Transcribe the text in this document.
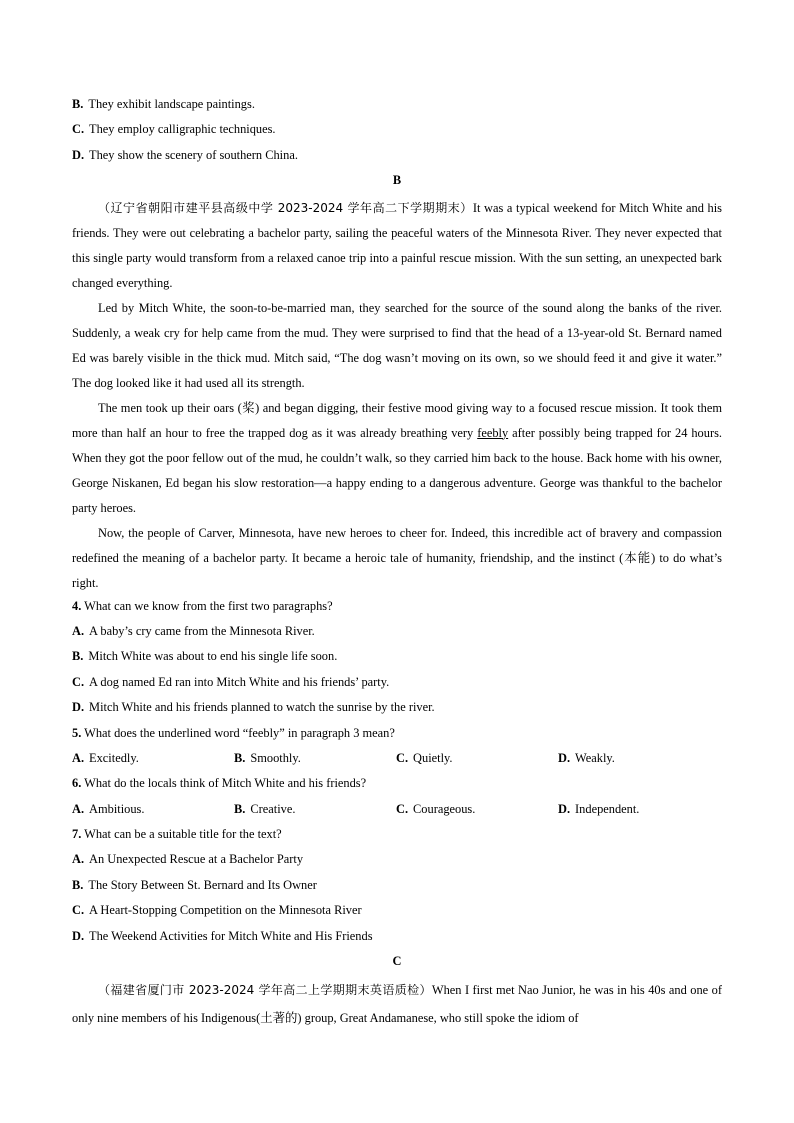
B. They exhibit landscape paintings.
C. They employ calligraphic techniques.
D. They show the scenery of southern China.
B

（辽宁省朝阳市建平县高级中学 2023-2024 学年高二下学期期末）It was a typical weekend for Mitch White and his friends. They were out celebrating a bachelor party, sailing the peaceful waters of the Minnesota River. They never expected that this single party would transform from a relaxed canoe trip into a painful rescue mission. With the sun setting, an unexpected bark changed everything.

Led by Mitch White, the soon-to-be-married man, they searched for the source of the sound along the banks of the river. Suddenly, a weak cry for help came from the mud. They were surprised to find that the head of a 13-year-old St. Bernard named Ed was barely visible in the thick mud. Mitch said, “The dog wasn’t moving on its own, so we should feed it and give it water.” The dog looked like it had used all its strength.

The men took up their oars (桨) and began digging, their festive mood giving way to a focused rescue mission. It took them more than half an hour to free the trapped dog as it was already breathing very feebly after possibly being trapped for 24 hours. When they got the poor fellow out of the mud, he couldn’t walk, so they carried him back to the house. Back home with his owner, George Niskanen, Ed began his slow restoration—a happy ending to a dangerous adventure. George was thankful to the bachelor party heroes.

Now, the people of Carver, Minnesota, have new heroes to cheer for. Indeed, this incredible act of bravery and compassion redefined the meaning of a bachelor party. It became a heroic tale of humanity, friendship, and the instinct (本能) to do what’s right.

4. What can we know from the first two paragraphs?
A. A baby’s cry came from the Minnesota River.
B. Mitch White was about to end his single life soon.
C. A dog named Ed ran into Mitch White and his friends’ party.
D. Mitch White and his friends planned to watch the sunrise by the river.
5. What does the underlined word “feebly” in paragraph 3 mean?
A. Excitedly.	B. Smoothly.	C. Quietly.	D. Weakly.
6. What do the locals think of Mitch White and his friends?
A. Ambitious.	B. Creative.	C. Courageous.	D. Independent.
7. What can be a suitable title for the text?
A. An Unexpected Rescue at a Bachelor Party
B. The Story Between St. Bernard and Its Owner
C. A Heart-Stopping Competition on the Minnesota River
D. The Weekend Activities for Mitch White and His Friends
C

（福建省厦门市 2023-2024 学年高二上学期期末英语质检）When I first met Nao Junior, he was in his 40s and one of only nine members of his Indigenous(土著的) group, Great Andamanese, who still spoke the idiom of
